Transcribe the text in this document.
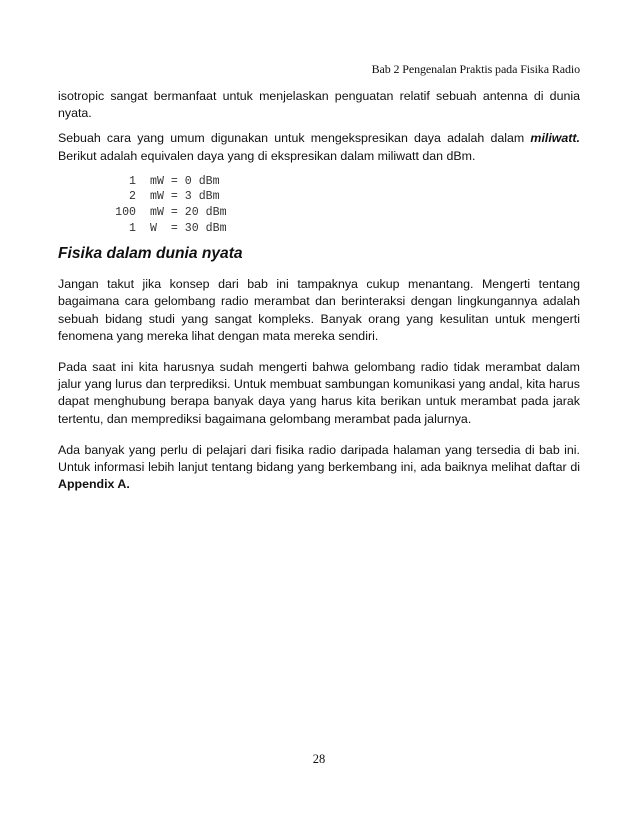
Bab 2 Pengenalan Praktis pada Fisika Radio

isotropic sangat bermanfaat untuk menjelaskan penguatan relatif sebuah antenna di dunia nyata.

Sebuah cara yang umum digunakan untuk mengekspresikan daya adalah dalam miliwatt. Berikut adalah equivalen daya yang di ekspresikan dalam miliwatt dan dBm.

1	mW = 0 dBm
2	mW = 3 dBm
100	mW = 20 dBm
1	W  = 30 dBm
Fisika dalam dunia nyata

Jangan takut jika konsep dari bab ini tampaknya cukup menantang. Mengerti tentang bagaimana cara gelombang radio merambat dan berinteraksi dengan lingkungannya adalah sebuah bidang studi yang sangat kompleks. Banyak orang yang kesulitan untuk mengerti fenomena yang mereka lihat dengan mata mereka sendiri.

Pada saat ini kita harusnya sudah mengerti bahwa gelombang radio tidak merambat dalam jalur yang lurus dan terprediksi. Untuk membuat sambungan komunikasi yang andal, kita harus dapat menghubung berapa banyak daya yang harus kita berikan untuk merambat pada jarak tertentu, dan memprediksi bagaimana gelombang merambat pada jalurnya.

Ada banyak yang perlu di pelajari dari fisika radio daripada halaman yang tersedia di bab ini. Untuk informasi lebih lanjut tentang bidang yang berkembang ini, ada baiknya melihat daftar di Appendix A.

28
